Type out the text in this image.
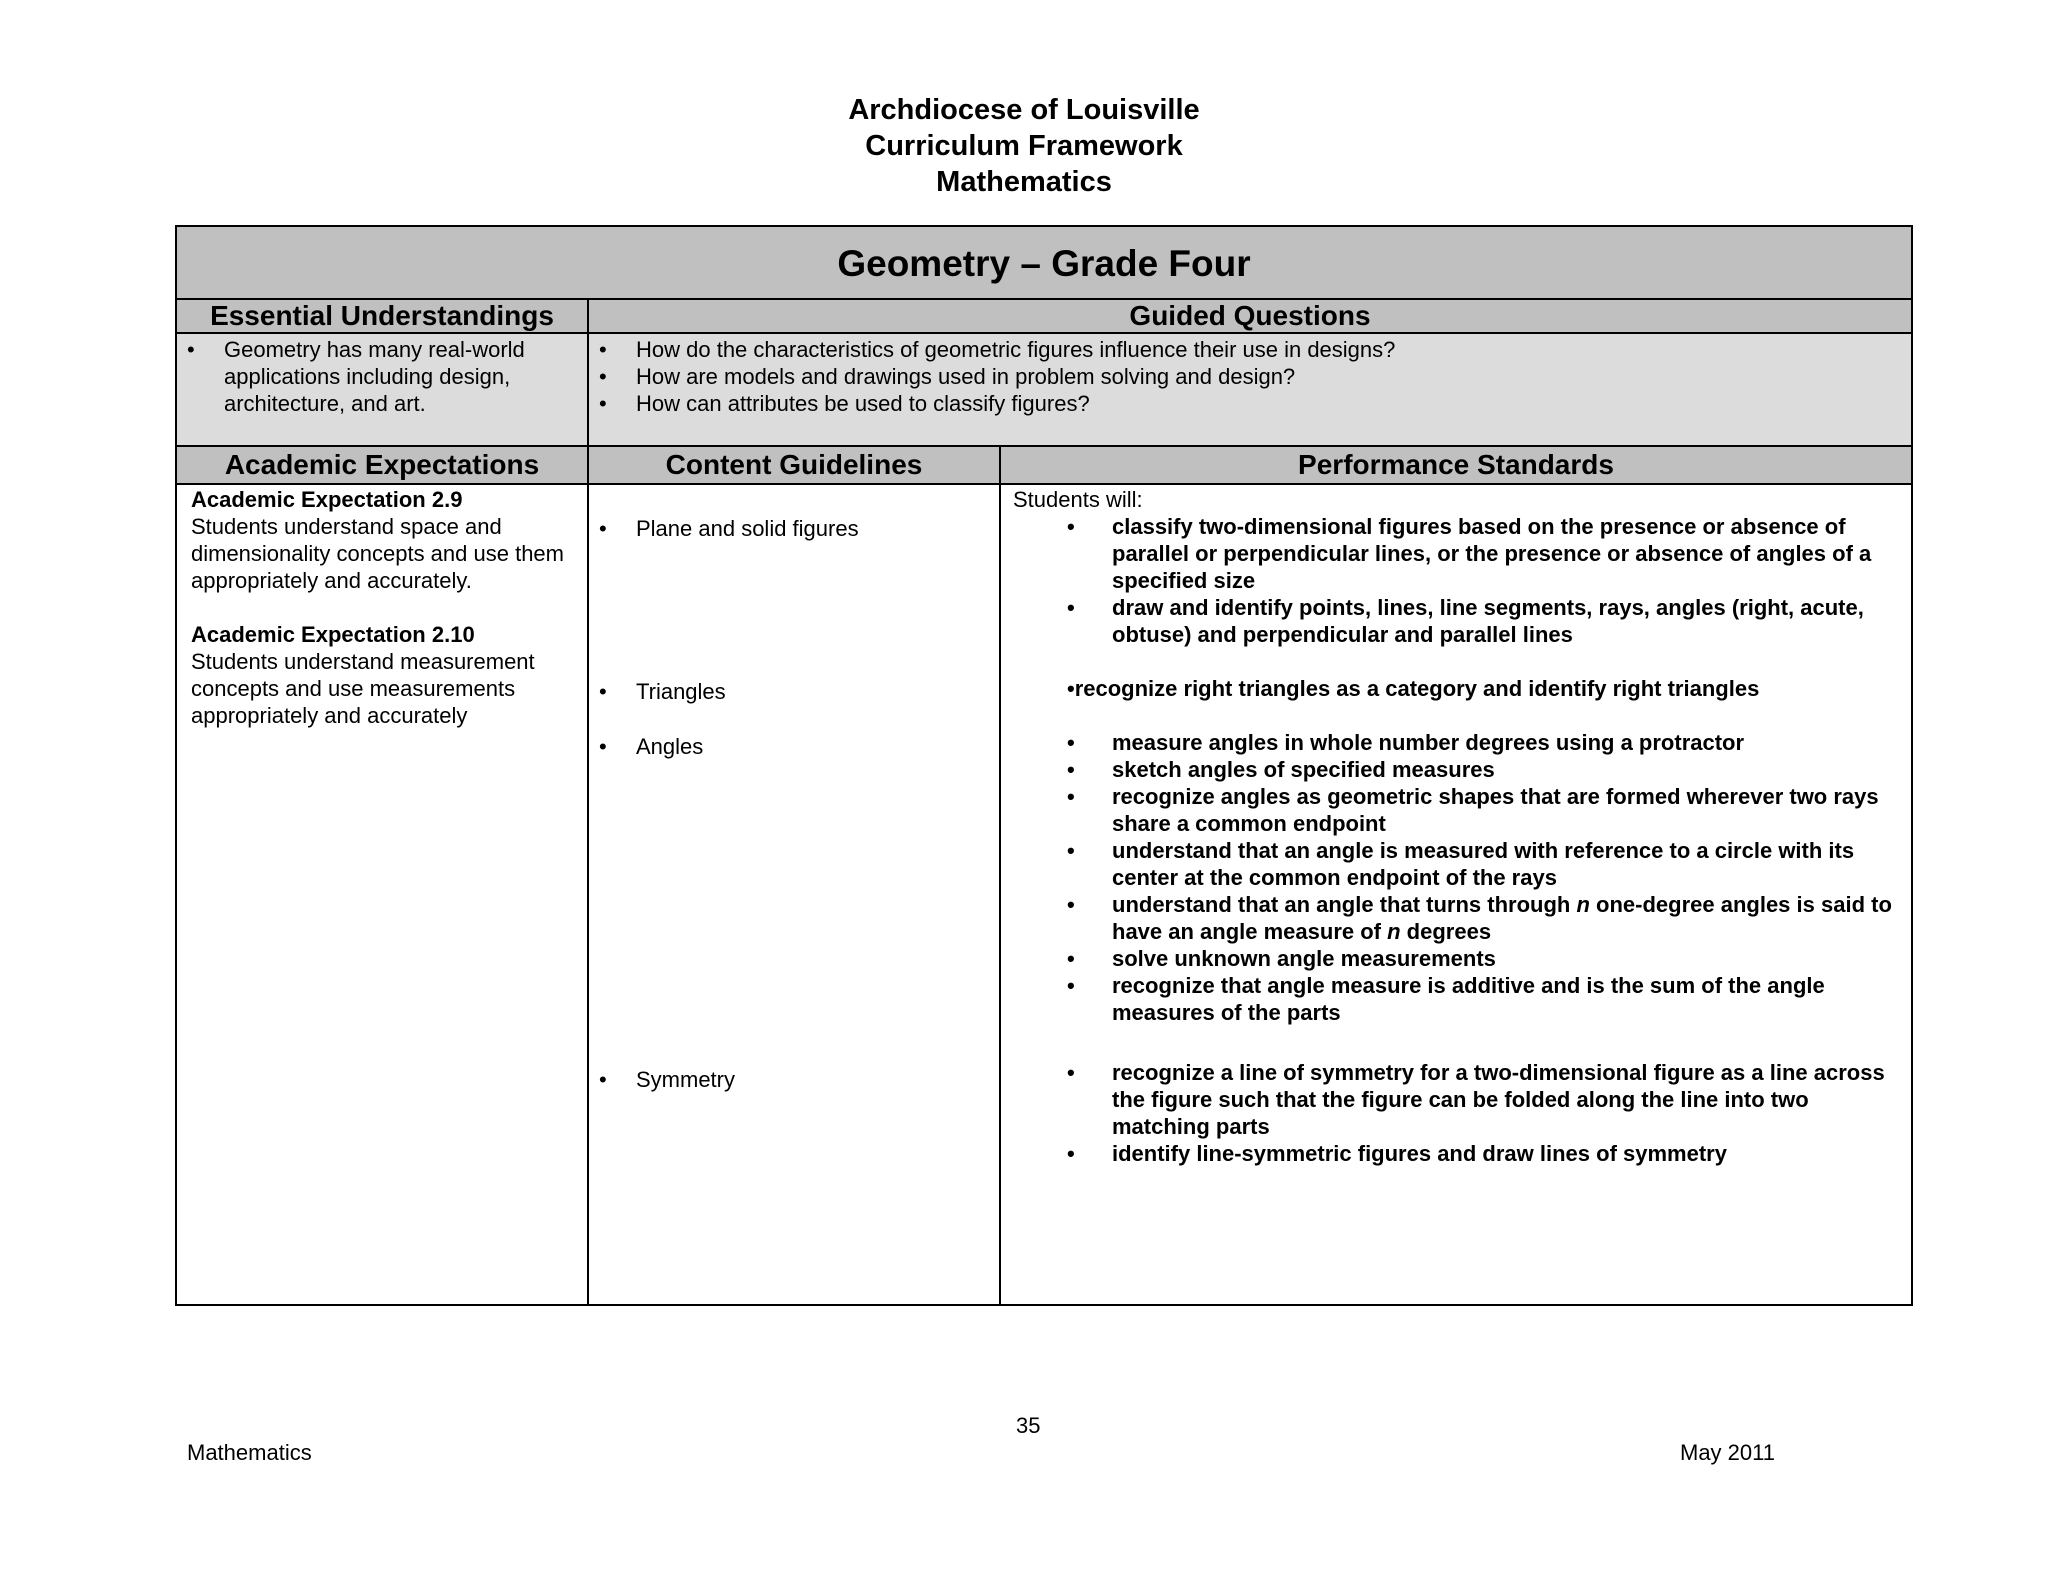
Archdiocese of Louisville
Curriculum Framework
Mathematics
Geometry – Grade Four
Essential Understandings	Guided Questions
• Geometry has many real-world applications including design, architecture, and art.
• How do the characteristics of geometric figures influence their use in designs?
• How are models and drawings used in problem solving and design?
• How can attributes be used to classify figures?
Academic Expectations	Content Guidelines	Performance Standards
Academic Expectation 2.9
Students understand space and dimensionality concepts and use them appropriately and accurately.
Academic Expectation 2.10
Students understand measurement concepts and use measurements appropriately and accurately
• Plane and solid figures
• Triangles
• Angles
• Symmetry
Students will:
• classify two-dimensional figures based on the presence or absence of parallel or perpendicular lines, or the presence or absence of angles of a specified size
• draw and identify points, lines, line segments, rays, angles (right, acute, obtuse) and perpendicular and parallel lines
•recognize right triangles as a category and identify right triangles
• measure angles in whole number degrees using a protractor
• sketch angles of specified measures
• recognize angles as geometric shapes that are formed wherever two rays share a common endpoint
• understand that an angle is measured with reference to a circle with its center at the common endpoint of the rays
• understand that an angle that turns through n one-degree angles is said to have an angle measure of n degrees
• solve unknown angle measurements
• recognize that angle measure is additive and is the sum of the angle measures of the parts
• recognize a line of symmetry for a two-dimensional figure as a line across the figure such that the figure can be folded along the line into two matching parts
• identify line-symmetric figures and draw lines of symmetry
35
Mathematics	May 2011
